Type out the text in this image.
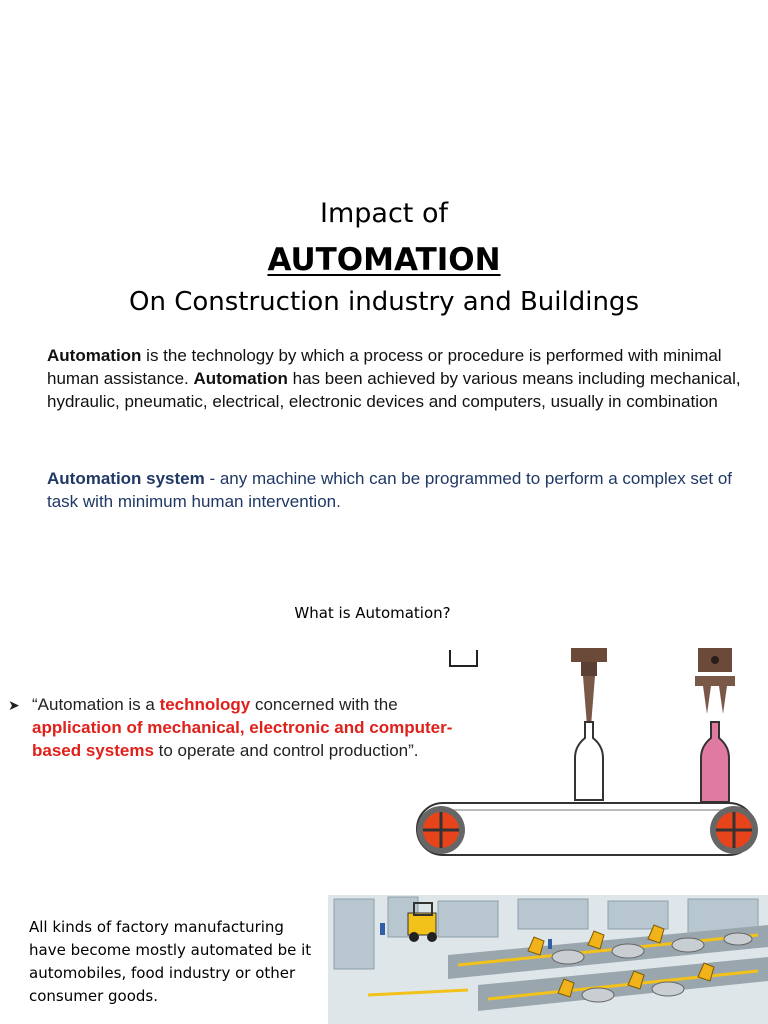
Impact of
AUTOMATION
On Construction industry and Buildings
Automation is the technology by which a process or procedure is performed with minimal human assistance. Automation has been achieved by various means including mechanical, hydraulic, pneumatic, electrical, electronic devices and computers, usually in combination
Automation system - any machine which can be programmed to perform a complex set of task with minimum human intervention.
What is Automation?
➤ “Automation is a technology concerned with the application of mechanical, electronic and computer-based systems to operate and control production”.
All kinds of factory manufacturing have become mostly automated be it automobiles, food industry or other consumer goods.
